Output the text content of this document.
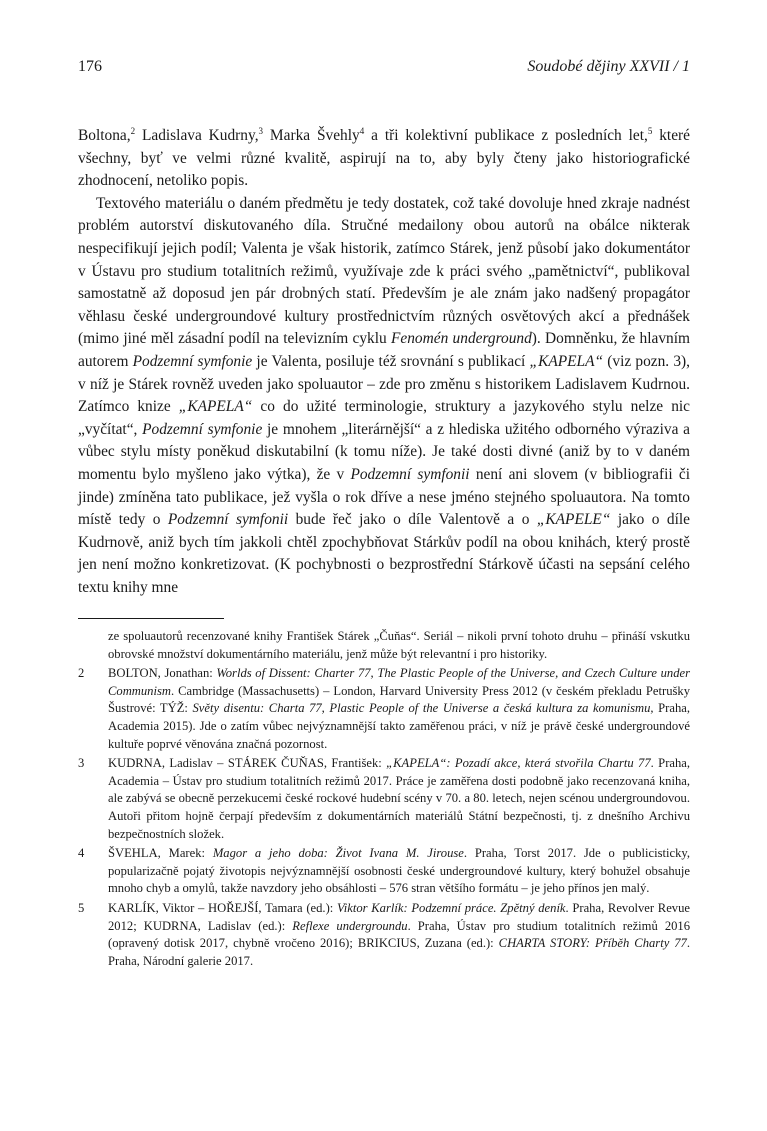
176	Soudobé dějiny XXVII / 1

Boltona,$^2$ Ladislava Kudrny,$^3$ Marka Švehly$^4$ a tři kolektivní publikace z posledních let,$^5$ které všechny, byť ve velmi různé kvalitě, aspirují na to, aby byly čteny jako historiografické zhodnocení, netoliko popis.

Textového materiálu o daném předmětu je tedy dostatek, což také dovoluje hned zkraje nadnést problém autorství diskutovaného díla. Stručné medailony obou autorů na obálce nikterak nespecifikují jejich podíl; Valenta je však historik, zatímco Stárek, jenž působí jako dokumentátor v Ústavu pro studium totalitních režimů, využívaje zde k práci svého „pamětnictví“, publikoval samostatně až doposud jen pár drobných statí. Především je ale znám jako nadšený propagátor věhlasu české undergroundové kultury prostřednictvím různých osvětových akcí a přednášek (mimo jiné měl zásadní podíl na televizním cyklu Fenomén underground). Domněnku, že hlavním autorem Podzemní symfonie je Valenta, posiluje též srovnání s publikací „KAPELA“ (viz pozn. 3), v níž je Stárek rovněž uveden jako spoluautor – zde pro změnu s historikem Ladislavem Kudrnou. Zatímco knize „KAPELA“ co do užité terminologie, struktury a jazykového stylu nelze nic „vyčítat“, Podzemní symfonie je mnohem „literárnější“ a z hlediska užitého odborného výraziva a vůbec stylu místy poněkud diskutabilní (k tomu níže). Je také dosti divné (aniž by to v daném momentu bylo myšleno jako výtka), že v Podzemní symfonii není ani slovem (v bibliografii či jinde) zmíněna tato publikace, jež vyšla o rok dříve a nese jméno stejného spoluautora. Na tomto místě tedy o Podzemní symfonii bude řeč jako o díle Valentově a o „KAPELE“ jako o díle Kudrnově, aniž bych tím jakkoli chtěl zpochybňovat Stárkův podíl na obou knihách, který prostě jen není možno konkretizovat. (K pochybnosti o bezprostřední Stárkově účasti na sepsání celého textu knihy mne

ze spoluautorů recenzované knihy František Stárek „Čuňas“. Seriál – nikoli první tohoto druhu – přináší vskutku obrovské množství dokumentárního materiálu, jenž může být relevantní i pro historiky.

2 BOLTON, Jonathan: Worlds of Dissent: Charter 77, The Plastic People of the Universe, and Czech Culture under Communism. Cambridge (Massachusetts) – London, Harvard University Press 2012 (v českém překladu Petrušky Šustrové: TÝŽ: Světy disentu: Charta 77, Plastic People of the Universe a česká kultura za komunismu, Praha, Academia 2015). Jde o zatím vůbec nejvýznamnější takto zaměřenou práci, v níž je právě české undergroundové kultuře poprvé věnována značná pozornost.

3 KUDRNA, Ladislav – STÁREK ČUŇAS, František: „KAPELA“: Pozadí akce, která stvořila Chartu 77. Praha, Academia – Ústav pro studium totalitních režimů 2017. Práce je zaměřena dosti podobně jako recenzovaná kniha, ale zabývá se obecně perzekucemi české rockové hudební scény v 70. a 80. letech, nejen scénou undergroundovou. Autoři přitom hojně čerpají především z dokumentárních materiálů Státní bezpečnosti, tj. z dnešního Archivu bezpečnostních složek.

4 ŠVEHLA, Marek: Magor a jeho doba: Život Ivana M. Jirouse. Praha, Torst 2017. Jde o publicisticky, popularizačně pojatý životopis nejvýznamnější osobnosti české undergroundové kultury, který bohužel obsahuje mnoho chyb a omylů, takže navzdory jeho obsáhlosti – 576 stran většího formátu – je jeho přínos jen malý.

5 KARLÍK, Viktor – HOŘEJŠÍ, Tamara (ed.): Viktor Karlík: Podzemní práce. Zpětný deník. Praha, Revolver Revue 2012; KUDRNA, Ladislav (ed.): Reflexe undergroundu. Praha, Ústav pro studium totalitních režimů 2016 (opravený dotisk 2017, chybně vročeno 2016); BRIKCIUS, Zuzana (ed.): CHARTA STORY: Příběh Charty 77. Praha, Národní galerie 2017.
